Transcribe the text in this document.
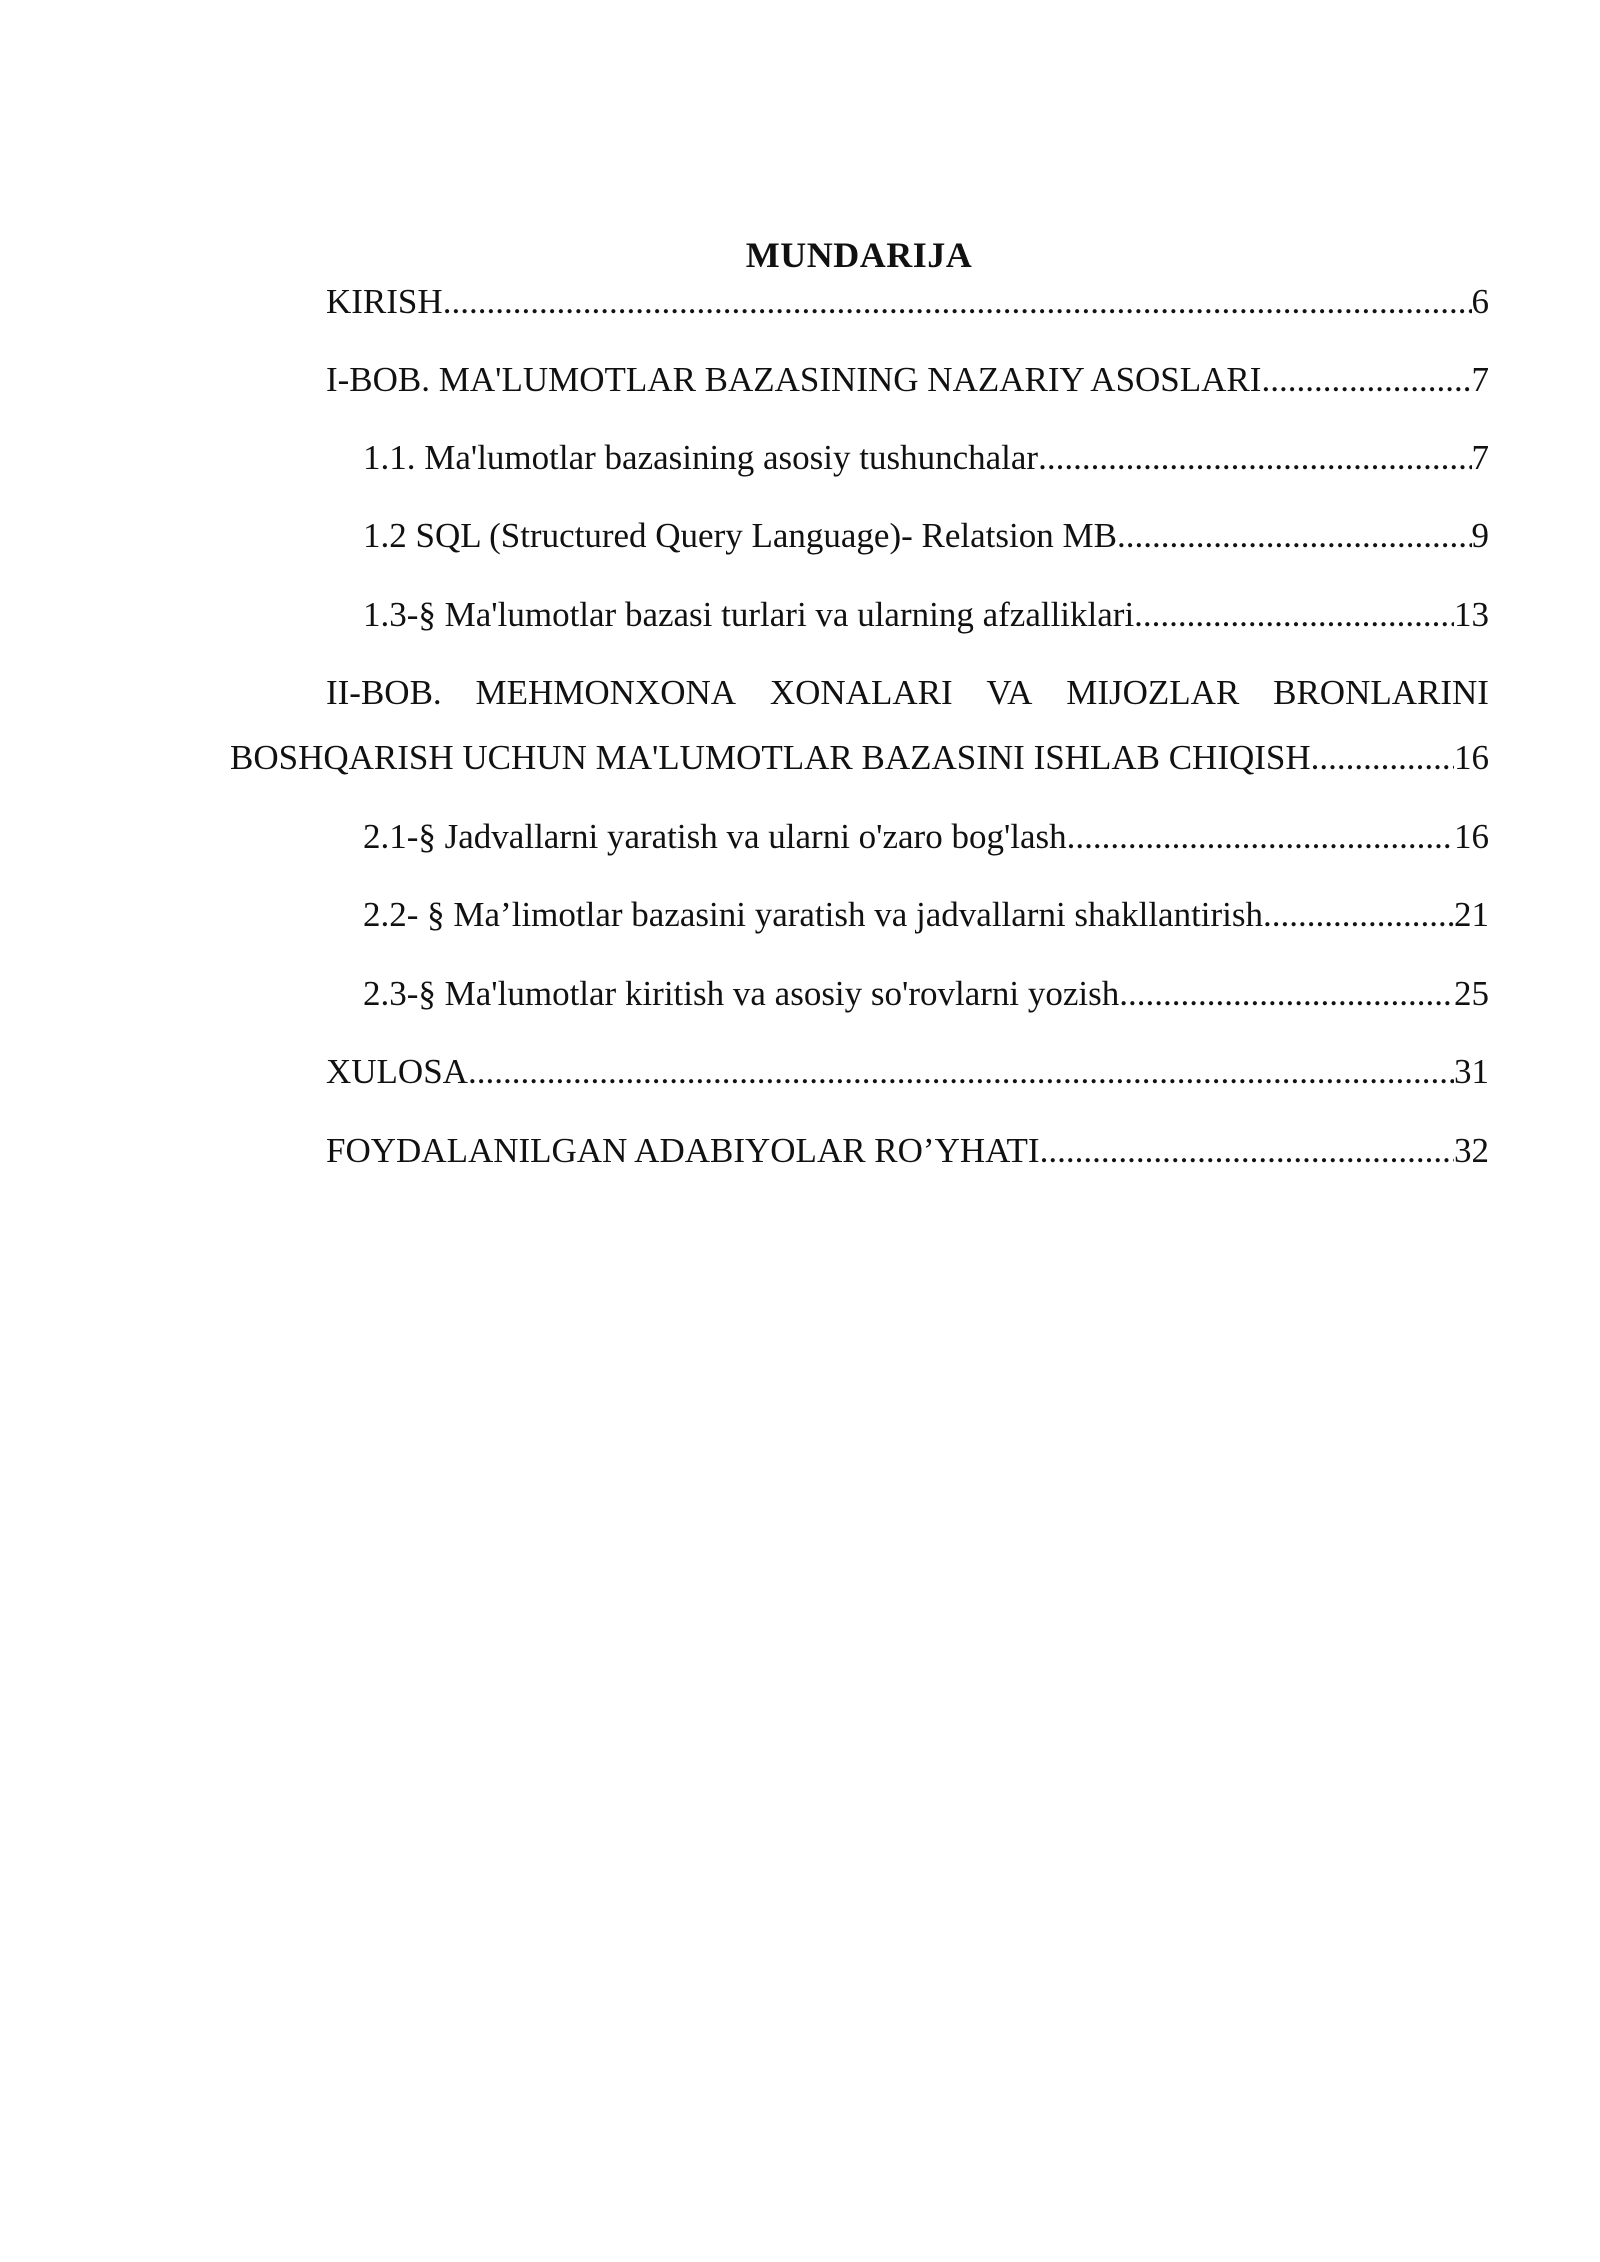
MUNDARIJA
KIRISH .....	6
I-BOB. MA'LUMOTLAR BAZASINING NAZARIY ASOSLARI .....	7
1.1. Ma'lumotlar bazasining asosiy tushunchalar .....	7
1.2 SQL (Structured Query Language)- Relatsion MB .....	9
1.3-§ Ma'lumotlar bazasi turlari va ularning afzalliklari .....	13
II-BOB. MEHMONXONA XONALARI VA MIJOZLAR BRONLARINI
BOSHQARISH UCHUN MA'LUMOTLAR BAZASINI ISHLAB CHIQISH .....	16
2.1-§ Jadvallarni yaratish va ularni o'zaro bog'lash .....	16
2.2- § Ma’limotlar bazasini yaratish va jadvallarni shakllantirish .....	21
2.3-§ Ma'lumotlar kiritish va asosiy so'rovlarni yozish .....	25
XULOSA .....	31
FOYDALANILGAN ADABIYOLAR RO’YHATI .....	32
